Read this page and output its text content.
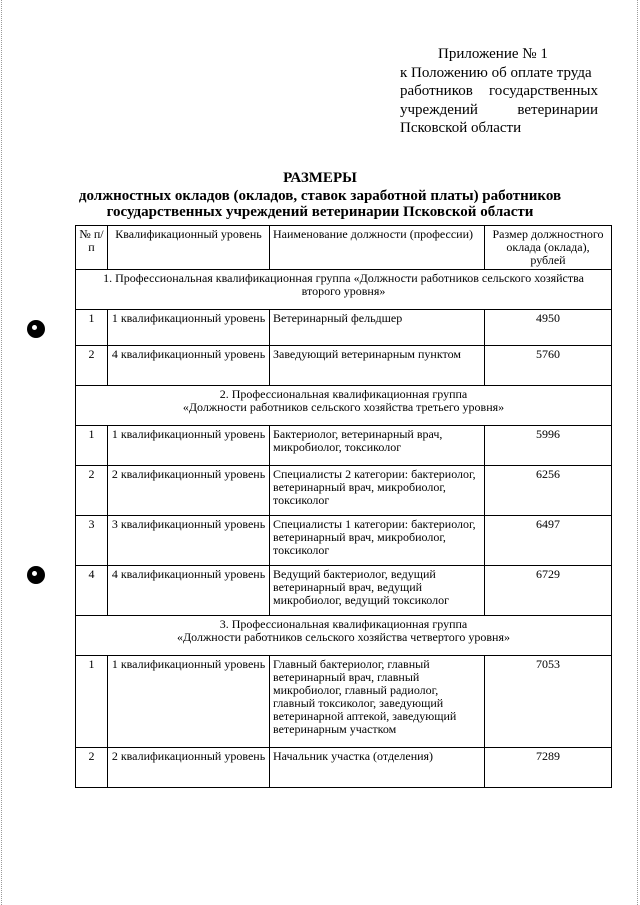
Приложение № 1
к Положению об оплате труда
работников государственных
учреждений	ветеринарии
Псковской области
РАЗМЕРЫ
должностных окладов (окладов, ставок заработной платы) работников
государственных учреждений ветеринарии Псковской области
№ п/п	Квалификационный уровень	Наименование должности (профессии)	Размер должностного оклада (оклада), рублей

1. Профессиональная квалификационная группа «Должности работников сельского хозяйства
второго уровня»			

1	1 квалификационный уровень	Ветеринарный фельдшер	4950
2	4 квалификационный уровень	Заведующий ветеринарным пунктом	5760

2. Профессиональная квалификационная группа
«Должности работников сельского хозяйства третьего уровня»			

1	1 квалификационный уровень	Бактериолог, ветеринарный врач, микробиолог, токсиколог	5996
2	2 квалификационный уровень	Специалисты 2 категории: бактериолог, ветеринарный врач, микробиолог, токсиколог	6256
3	3 квалификационный уровень	Специалисты 1 категории: бактериолог, ветеринарный врач, микробиолог, токсиколог	6497
4	4 квалификационный уровень	Ведущий бактериолог, ведущий ветеринарный врач, ведущий микробиолог, ведущий токсиколог	6729

3. Профессиональная квалификационная группа
«Должности работников сельского хозяйства четвертого уровня»			

1	1 квалификационный уровень	Главный бактериолог, главный ветеринарный врач, главный микробиолог, главный радиолог, главный токсиколог, заведующий ветеринарной аптекой, заведующий ветеринарным участком	7053
2	2 квалификационный уровень	Начальник участка (отделения)	7289
